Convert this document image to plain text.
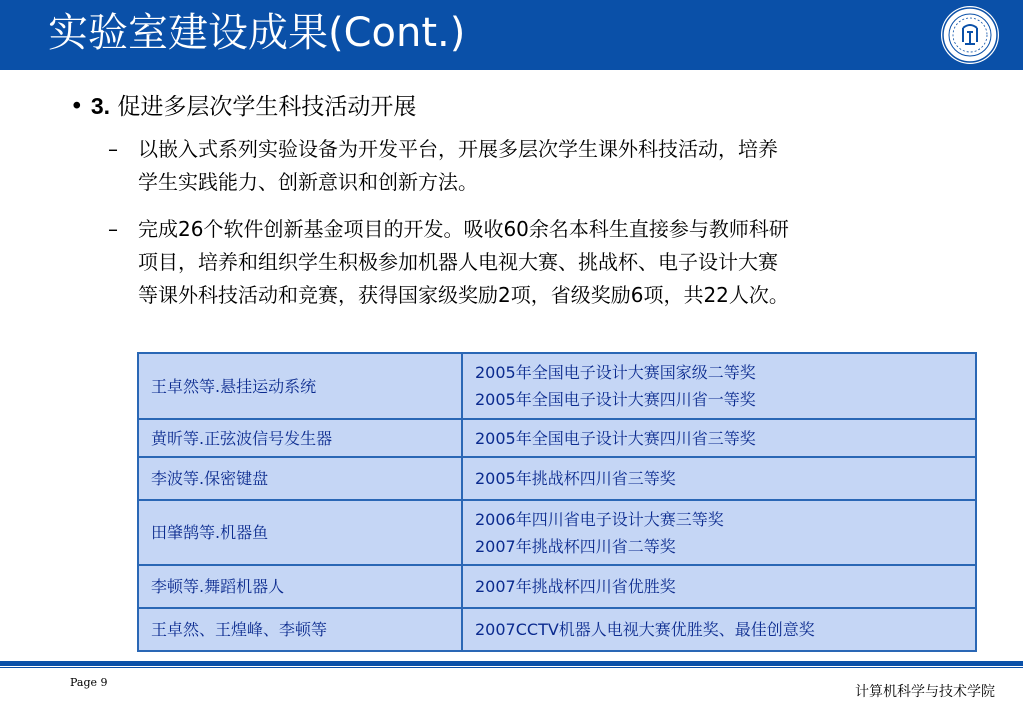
实验室建设成果(Cont.)
• 3. 促进多层次学生科技活动开展
– 以嵌入式系列实验设备为开发平台，开展多层次学生课外科技活动，培养
学生实践能力、创新意识和创新方法。
– 完成26个软件创新基金项目的开发。吸收60余名本科生直接参与教师科研
项目，培养和组织学生积极参加机器人电视大赛、挑战杯、电子设计大赛
等课外科技活动和竞赛，获得国家级奖励2项，省级奖励6项，共22人次。
王卓然等.悬挂运动系统	2005年全国电子设计大赛国家级二等奖
2005年全国电子设计大赛四川省一等奖

黄昕等.正弦波信号发生器	2005年全国电子设计大赛四川省三等奖

李波等.保密键盘	2005年挑战杯四川省三等奖

田肇鹄等.机器鱼	2006年四川省电子设计大赛三等奖
2007年挑战杯四川省二等奖

李顿等.舞蹈机器人	2007年挑战杯四川省优胜奖

王卓然、王煌峰、李顿等	2007CCTV机器人电视大赛优胜奖、最佳创意奖
Page 9
计算机科学与技术学院
